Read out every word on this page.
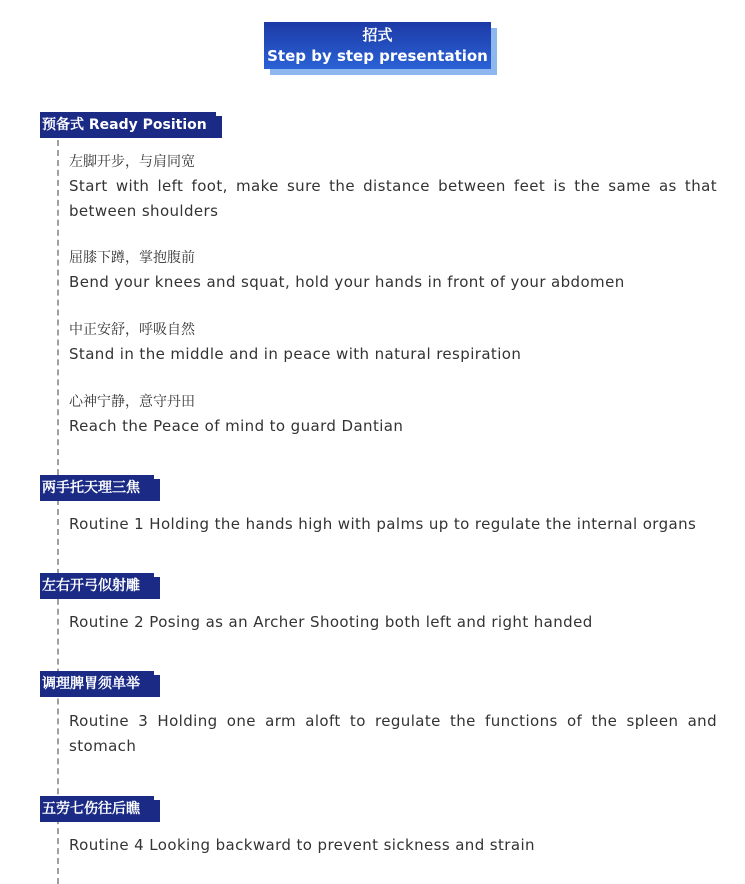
招式
Step by step presentation
预备式 Ready Position
左脚开步，与肩同宽
Start with left foot, make sure the distance between feet is the same as that between shoulders
屈膝下蹲，掌抱腹前
Bend your knees and squat, hold your hands in front of your abdomen
中正安舒，呼吸自然
Stand in the middle and in peace with natural respiration
心神宁静，意守丹田
Reach the Peace of mind to guard Dantian
两手托天理三焦
Routine 1 Holding the hands high with palms up to regulate the internal organs
左右开弓似射雕
Routine 2 Posing as an Archer Shooting both left and right handed
调理脾胃须单举
Routine 3 Holding one arm aloft to regulate the functions of the spleen and stomach
五劳七伤往后瞧
Routine 4 Looking backward to prevent sickness and strain
